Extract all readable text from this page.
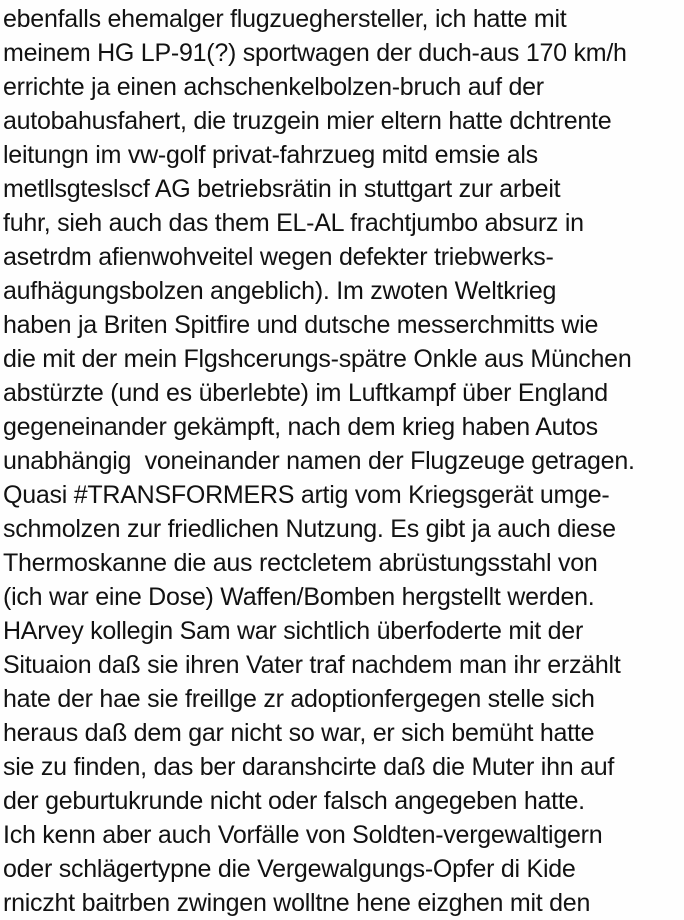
ebenfalls ehemalger flugzueghersteller, ich hatte mit
meinem HG LP-91(?) sportwagen der duch-aus 170 km/h
errichte ja einen achschenkelbolzen-bruch auf der
autobahusfahert, die truzgein mier eltern hatte dchtrente
leitungn im vw-golf privat-fahrzueg mitd emsie als
metllsgteslscf AG betriebsrätin in stuttgart zur arbeit
fuhr, sieh auch das them EL-AL frachtjumbo absurz in
asetrdm afienwohveitel wegen defekter triebwerks-
aufhägungsbolzen angeblich). Im zwoten Weltkrieg
haben ja Briten Spitfire und dutsche messerchmitts wie
die mit der mein Flgshcerungs-spätre Onkle aus München
abstürzte (und es überlebte) im Luftkampf über England
gegeneinander gekämpft, nach dem krieg haben Autos
unabhängig  voneinander namen der Flugzeuge getragen.
Quasi #TRANSFORMERS artig vom Kriegsgerät umge-
schmolzen zur friedlichen Nutzung. Es gibt ja auch diese
Thermoskanne die aus rectcletem abrüstungsstahl von
(ich war eine Dose) Waffen/Bomben hergstellt werden.
HArvey kollegin Sam war sichtlich überfoderte mit der
Situaion daß sie ihren Vater traf nachdem man ihr erzählt
hate der hae sie freillge zr adoptionfergegen stelle sich
heraus daß dem gar nicht so war, er sich bemüht hatte
sie zu finden, das ber daranshcirte daß die Muter ihn auf
der geburtukrunde nicht oder falsch angegeben hatte.
Ich kenn aber auch Vorfälle von Soldten-vergewaltigern
oder schlägertypne die Vergewalgungs-Opfer di Kide
rniczht baitrben zwingen wolltne hene eizghen mit den
